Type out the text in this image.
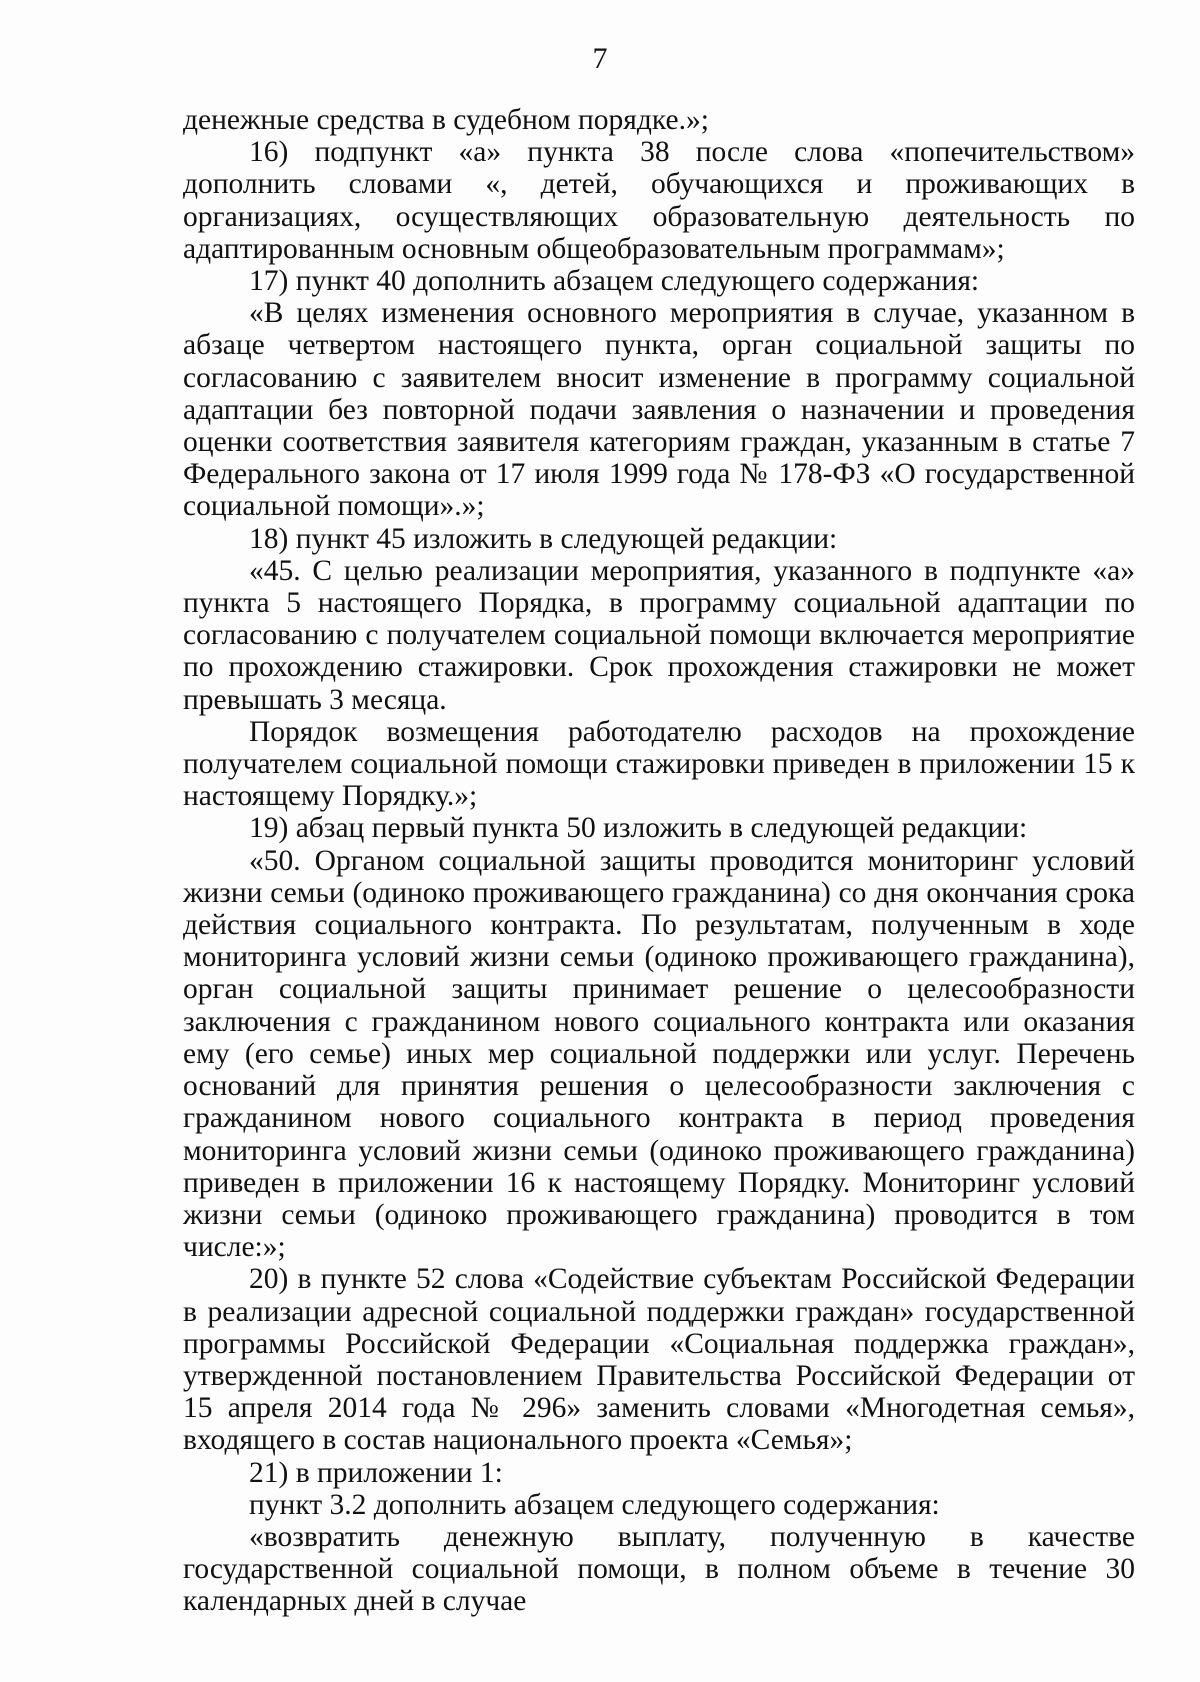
7

денежные средства в судебном порядке.»;

16) подпункт «а» пункта 38 после слова «попечительством» дополнить словами «, детей, обучающихся и проживающих в организациях, осуществляющих образовательную деятельность по адаптированным основным общеобразовательным программам»;

17) пункт 40 дополнить абзацем следующего содержания:

«В целях изменения основного мероприятия в случае, указанном в абзаце четвертом настоящего пункта, орган социальной защиты по согласованию с заявителем вносит изменение в программу социальной адаптации без повторной подачи заявления о назначении и проведения оценки соответствия заявителя категориям граждан, указанным в статье 7 Федерального закона от 17 июля 1999 года № 178-ФЗ «О государственной социальной помощи».»;

18) пункт 45 изложить в следующей редакции:

«45. С целью реализации мероприятия, указанного в подпункте «а» пункта 5 настоящего Порядка, в программу социальной адаптации по согласованию с получателем социальной помощи включается мероприятие по прохождению стажировки. Срок прохождения стажировки не может превышать 3 месяца.

Порядок возмещения работодателю расходов на прохождение получателем социальной помощи стажировки приведен в приложении 15 к настоящему Порядку.»;

19) абзац первый пункта 50 изложить в следующей редакции:

«50. Органом социальной защиты проводится мониторинг условий жизни семьи (одиноко проживающего гражданина) со дня окончания срока действия социального контракта. По результатам, полученным в ходе мониторинга условий жизни семьи (одиноко проживающего гражданина), орган социальной защиты принимает решение о целесообразности заключения с гражданином нового социального контракта или оказания ему (его семье) иных мер социальной поддержки или услуг. Перечень оснований для принятия решения о целесообразности заключения с гражданином нового социального контракта в период проведения мониторинга условий жизни семьи (одиноко проживающего гражданина) приведен в приложении 16 к настоящему Порядку. Мониторинг условий жизни семьи (одиноко проживающего гражданина) проводится в том числе:»;

20) в пункте 52 слова «Содействие субъектам Российской Федерации в реализации адресной социальной поддержки граждан» государственной программы Российской Федерации «Социальная поддержка граждан», утвержденной постановлением Правительства Российской Федерации от 15 апреля 2014 года № 296» заменить словами «Многодетная семья», входящего в состав национального проекта «Семья»;

21) в приложении 1:

пункт 3.2 дополнить абзацем следующего содержания:

«возвратить денежную выплату, полученную в качестве государственной социальной помощи, в полном объеме в течение 30 календарных дней в случае
